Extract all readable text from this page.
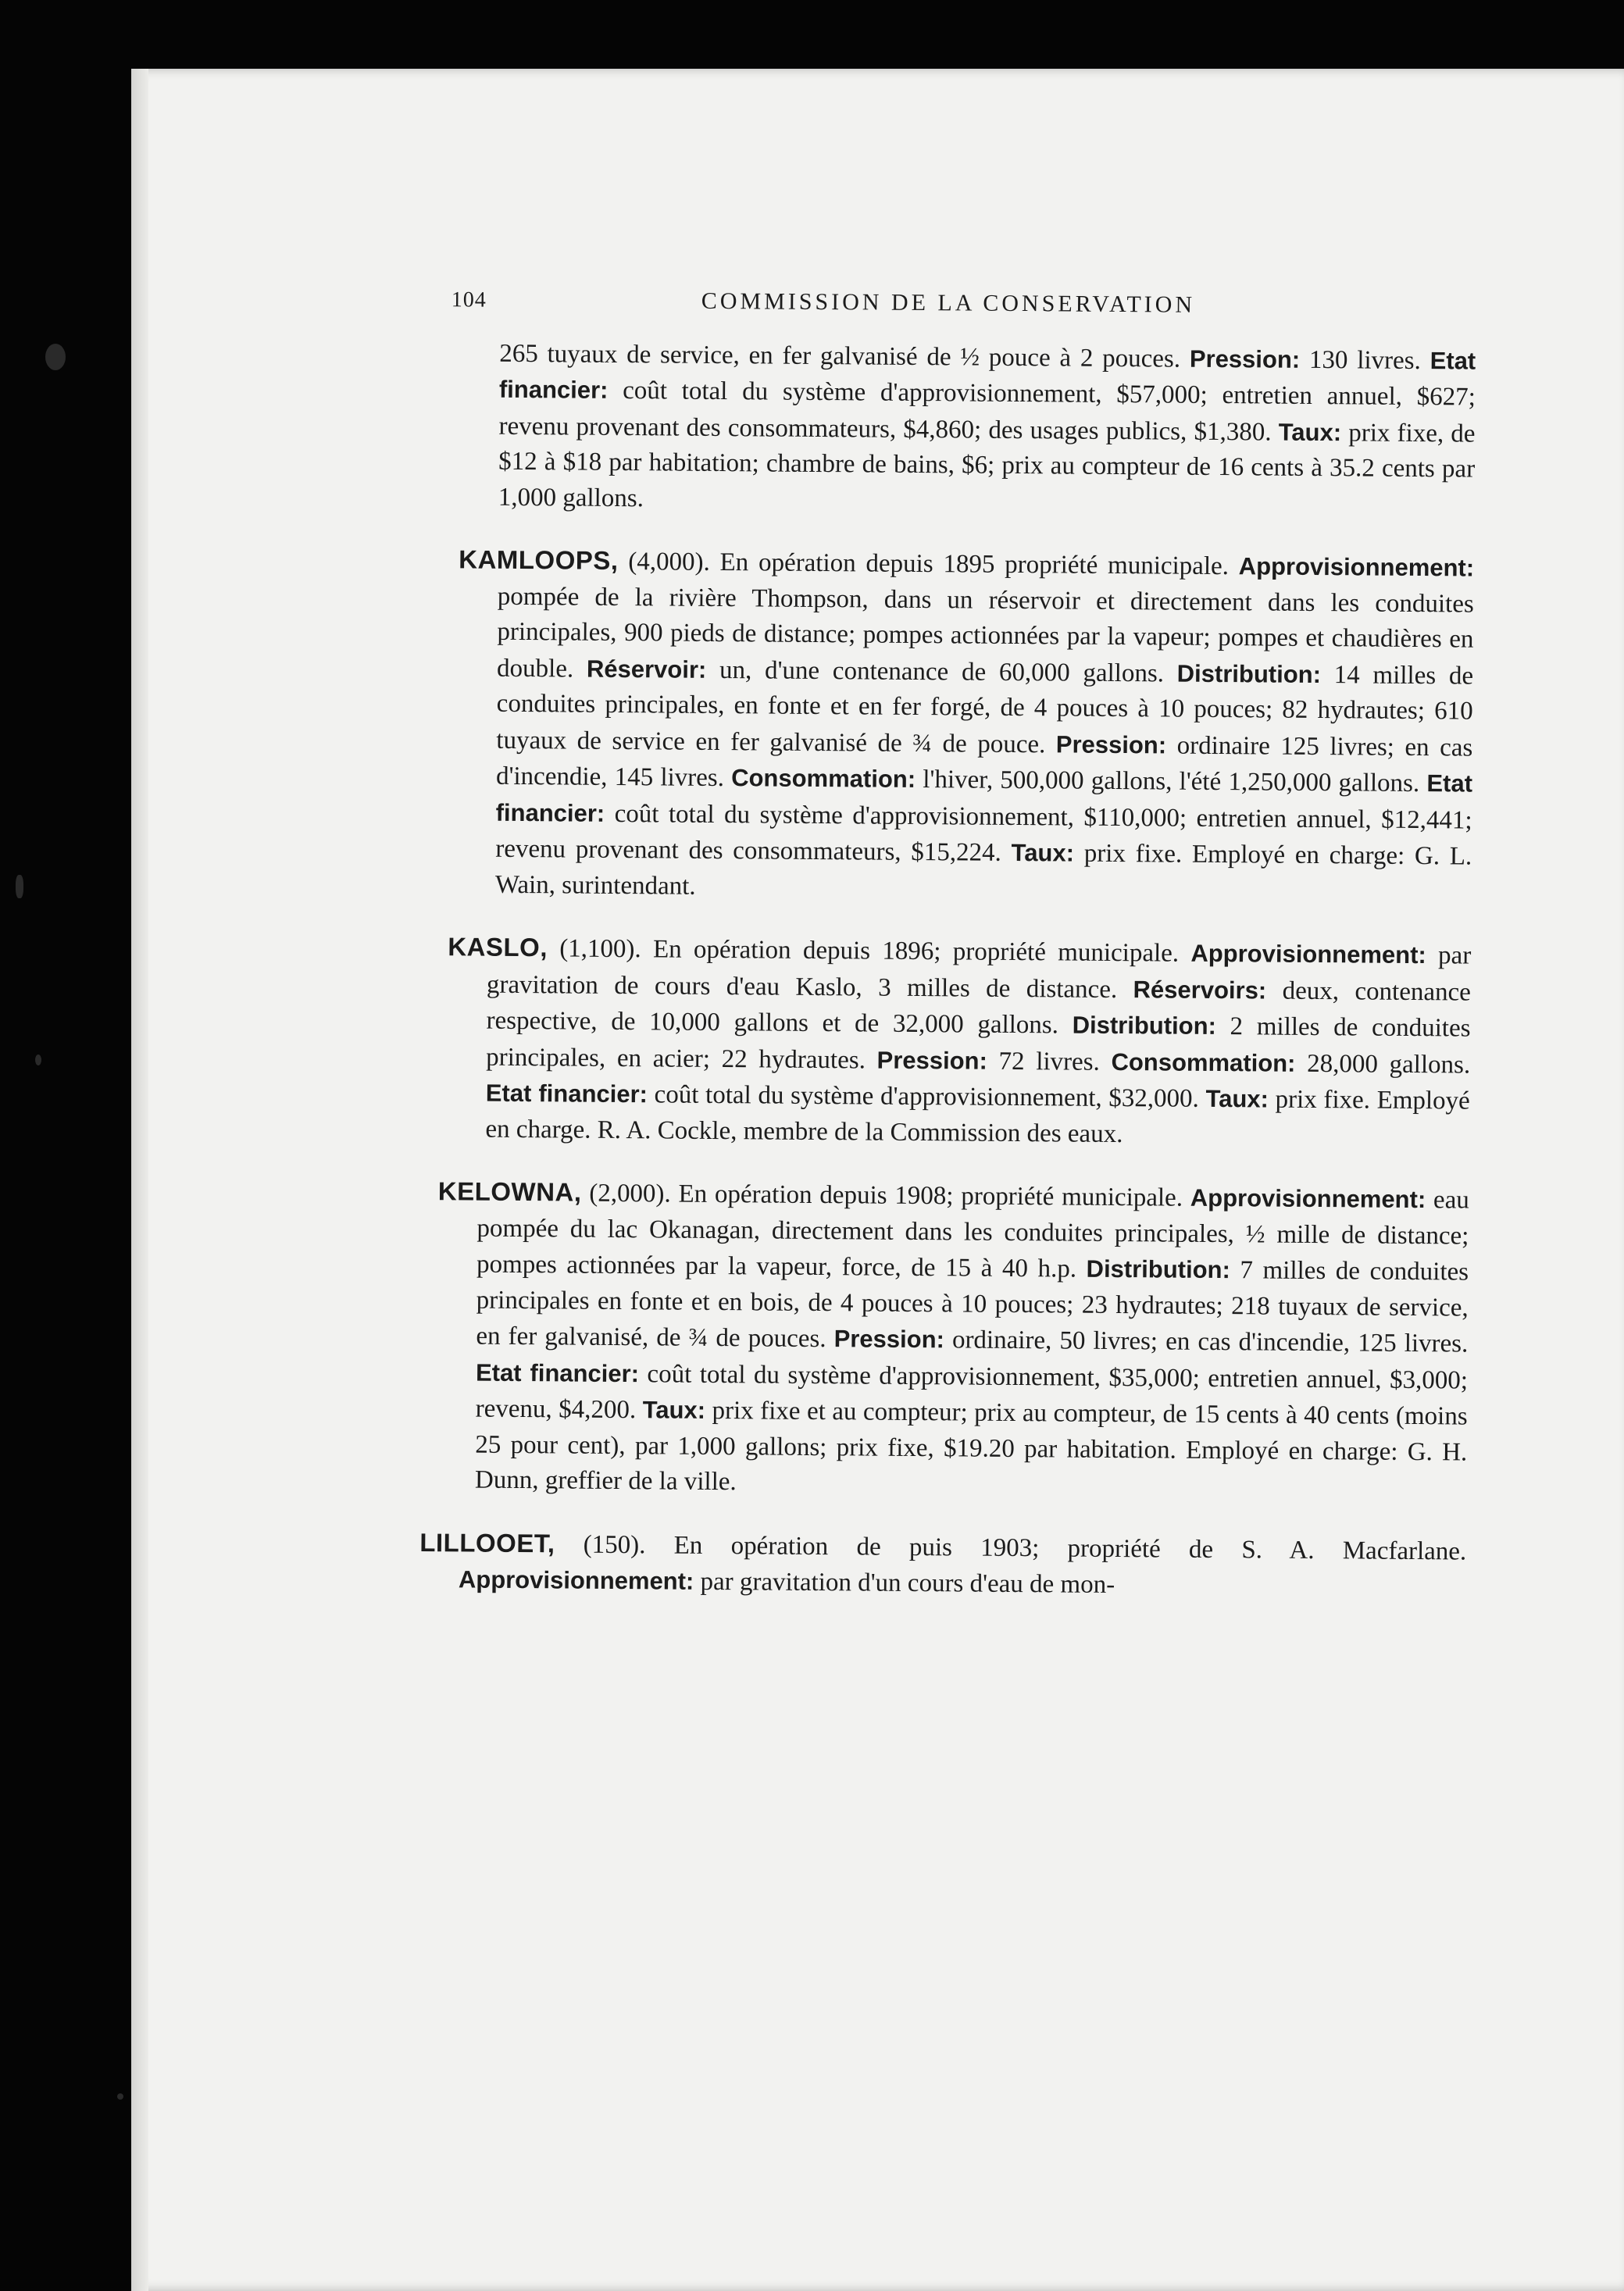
104	COMMISSION DE LA CONSERVATION
265 tuyaux de service, en fer galvanisé de ½ pouce à 2 pouces. Pression: 130 livres. Etat financier: coût total du système d'approvisionnement, $57,000; entretien annuel, $627; revenu provenant des consommateurs, $4,860; des usages publics, $1,380. Taux: prix fixe, de $12 à $18 par habitation; chambre de bains, $6; prix au compteur de 16 cents à 35.2 cents par 1,000 gallons.
KAMLOOPS, (4,000). En opération depuis 1895 propriété municipale. Approvisionnement: pompée de la rivière Thompson, dans un réservoir et directement dans les conduites principales, 900 pieds de distance; pompes actionnées par la vapeur; pompes et chaudières en double. Réservoir: un, d'une contenance de 60,000 gallons. Distribution: 14 milles de conduites principales, en fonte et en fer forgé, de 4 pouces à 10 pouces; 82 hydrautes; 610 tuyaux de service en fer galvanisé de ¾ de pouce. Pression: ordinaire 125 livres; en cas d'incendie, 145 livres. Consommation: l'hiver, 500,000 gallons, l'été 1,250,000 gallons. Etat financier: coût total du système d'approvisionnement, $110,000; entretien annuel, $12,441; revenu provenant des consommateurs, $15,224. Taux: prix fixe. Employé en charge: G. L. Wain, surintendant.
KASLO, (1,100). En opération depuis 1896; propriété municipale. Approvisionnement: par gravitation de cours d'eau Kaslo, 3 milles de distance. Réservoirs: deux, contenance respective, de 10,000 gallons et de 32,000 gallons. Distribution: 2 milles de conduites principales, en acier; 22 hydrautes. Pression: 72 livres. Consommation: 28,000 gallons. Etat financier: coût total du système d'approvisionnement, $32,000. Taux: prix fixe. Employé en charge. R. A. Cockle, membre de la Commission des eaux.
KELOWNA, (2,000). En opération depuis 1908; propriété municipale. Approvisionnement: eau pompée du lac Okanagan, directement dans les conduites principales, ½ mille de distance; pompes actionnées par la vapeur, force, de 15 à 40 h.p. Distribution: 7 milles de conduites principales en fonte et en bois, de 4 pouces à 10 pouces; 23 hydrautes; 218 tuyaux de service, en fer galvanisé, de ¾ de pouces. Pression: ordinaire, 50 livres; en cas d'incendie, 125 livres. Etat financier: coût total du système d'approvisionnement, $35,000; entretien annuel, $3,000; revenu, $4,200. Taux: prix fixe et au compteur; prix au compteur, de 15 cents à 40 cents (moins 25 pour cent), par 1,000 gallons; prix fixe, $19.20 par habitation. Employé en charge: G. H. Dunn, greffier de la ville.
LILLOOET, (150). En opération de puis 1903; propriété de S. A. Macfarlane. Approvisionnement: par gravitation d'un cours d'eau de mon-
